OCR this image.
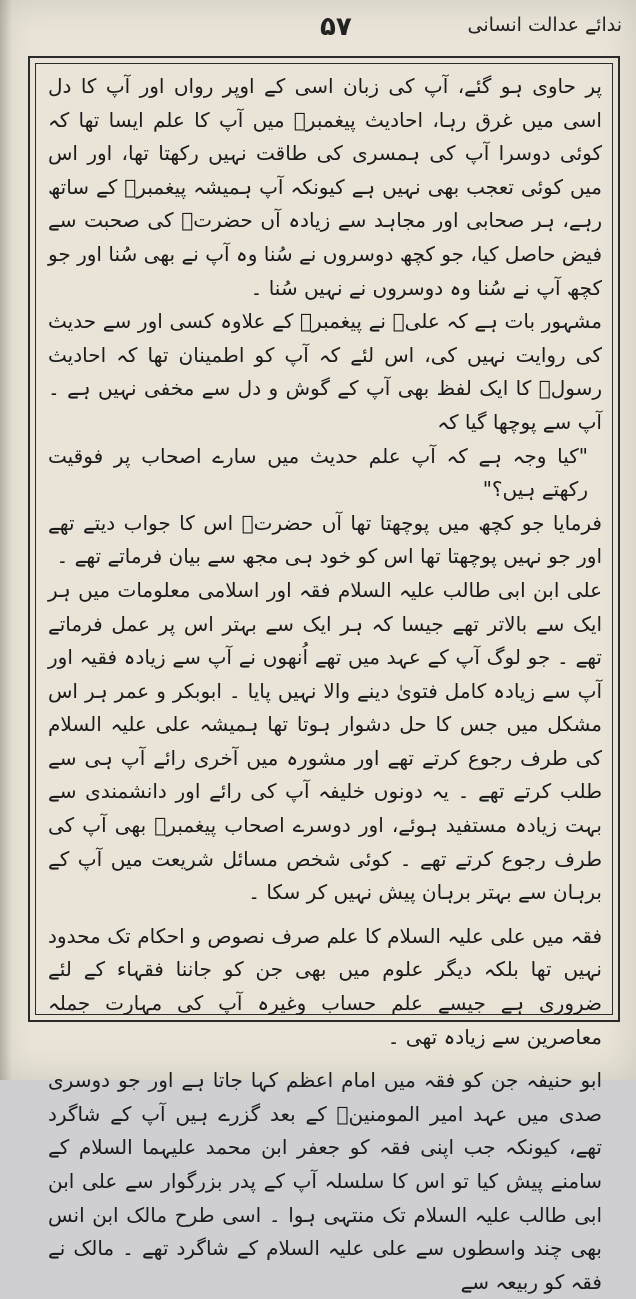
ندائے عدالت انسانی
۵۷

پر حاوی ہو گئے، آپ کی زبان اسی کے اوپر رواں اور آپ کا دل اسی میں غرق رہا، احادیث پیغمبرؐ میں آپ کا علم ایسا تھا کہ کوئی دوسرا آپ کی ہمسری کی طاقت نہیں رکھتا تھا، اور اس میں کوئی تعجب بھی نہیں ہے کیونکہ آپ ہمیشہ پیغمبرؐ کے ساتھ رہے، ہر صحابی اور مجاہد سے زیادہ آں حضرتؐ کی صحبت سے فیض حاصل کیا، جو کچھ دوسروں نے سُنا وہ آپ نے بھی سُنا اور جو کچھ آپ نے سُنا وہ دوسروں نے نہیں سُنا ۔

مشہور بات ہے کہ علیؑ نے پیغمبرؐ کے علاوہ کسی اور سے حدیث کی روایت نہیں کی، اس لئے کہ آپ کو اطمینان تھا کہ احادیث رسولؐ کا ایک لفظ بھی آپ کے گوش و دل سے مخفی نہیں ہے ۔ آپ سے پوچھا گیا کہ

"کیا وجہ ہے کہ آپ علم حدیث میں سارے اصحاب پر فوقیت رکھتے ہیں؟"

فرمایا جو کچھ میں پوچھتا تھا آں حضرتؐ اس کا جواب دیتے تھے اور جو نہیں پوچھتا تھا اس کو خود ہی مجھ سے بیان فرماتے تھے ۔

علی ابن ابی طالب علیہ السلام فقہ اور اسلامی معلومات میں ہر ایک سے بالاتر تھے جیسا کہ ہر ایک سے بہتر اس پر عمل فرماتے تھے ۔ جو لوگ آپ کے عہد میں تھے اُنھوں نے آپ سے زیادہ فقیہ اور آپ سے زیادہ کامل فتویٰ دینے والا نہیں پایا ۔ ابوبکر و عمر ہر اس مشکل میں جس کا حل دشوار ہوتا تھا ہمیشہ علی علیہ السلام کی طرف رجوع کرتے تھے اور مشورہ میں آخری رائے آپ ہی سے طلب کرتے تھے ۔ یہ دونوں خلیفہ آپ کی رائے اور دانشمندی سے بہت زیادہ مستفید ہوئے، اور دوسرے اصحاب پیغمبرؐ بھی آپ کی طرف رجوع کرتے تھے ۔ کوئی شخص مسائل شریعت میں آپ کے برہان سے بہتر برہان پیش نہیں کر سکا ۔

فقہ میں علی علیہ السلام کا علم صرف نصوص و احکام تک محدود نہیں تھا بلکہ دیگر علوم میں بھی جن کو جاننا فقہاء کے لئے ضروری ہے جیسے علم حساب وغیرہ آپ کی مہارت جملہ معاصرین سے زیادہ تھی ۔

ابو حنیفہ جن کو فقہ میں امام اعظم کہا جاتا ہے اور جو دوسری صدی میں عہد امیر المومنینؑ کے بعد گزرے ہیں آپ کے شاگرد تھے، کیونکہ جب اپنی فقہ کو جعفر ابن محمد علیہما السلام کے سامنے پیش کیا تو اس کا سلسلہ آپ کے پدر بزرگوار سے علی ابن ابی طالب علیہ السلام تک منتہی ہوا ۔ اسی طرح مالک ابن انس بھی چند واسطوں سے علی علیہ السلام کے شاگرد تھے ۔ مالک نے فقہ کو ربیعہ سے
